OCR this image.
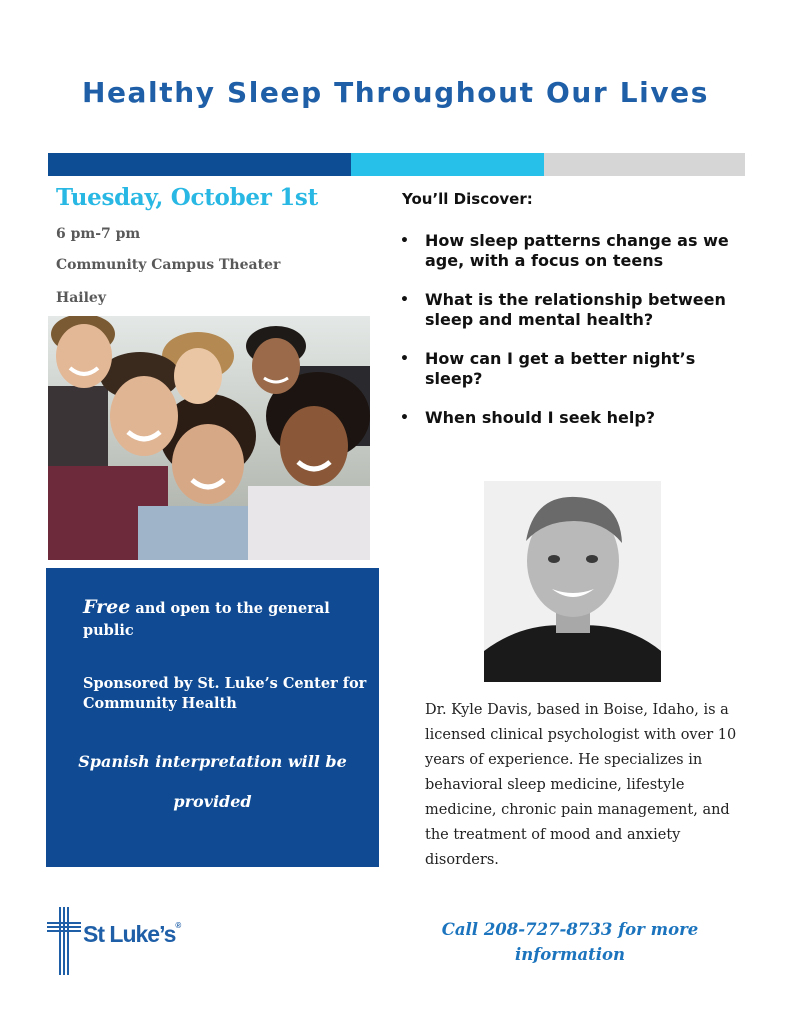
Healthy Sleep Throughout Our Lives
Tuesday, October 1st
6 pm-7 pm
Community Campus Theater
Hailey
Free and open to the general public
Sponsored by St. Luke’s Center for Community Health
Spanish interpretation will be provided
You’ll Discover:
• How sleep patterns change as we age, with a focus on teens
• What is the relationship between sleep and mental health?
• How can I get a better night’s sleep?
• When should I seek help?
Dr. Kyle Davis, based in Boise, Idaho, is a licensed clinical psychologist with over 10 years of experience. He specializes in behavioral sleep medicine, lifestyle medicine, chronic pain management, and the treatment of mood and anxiety disorders.
St Luke’s®	Call 208-727-8733 for more information
